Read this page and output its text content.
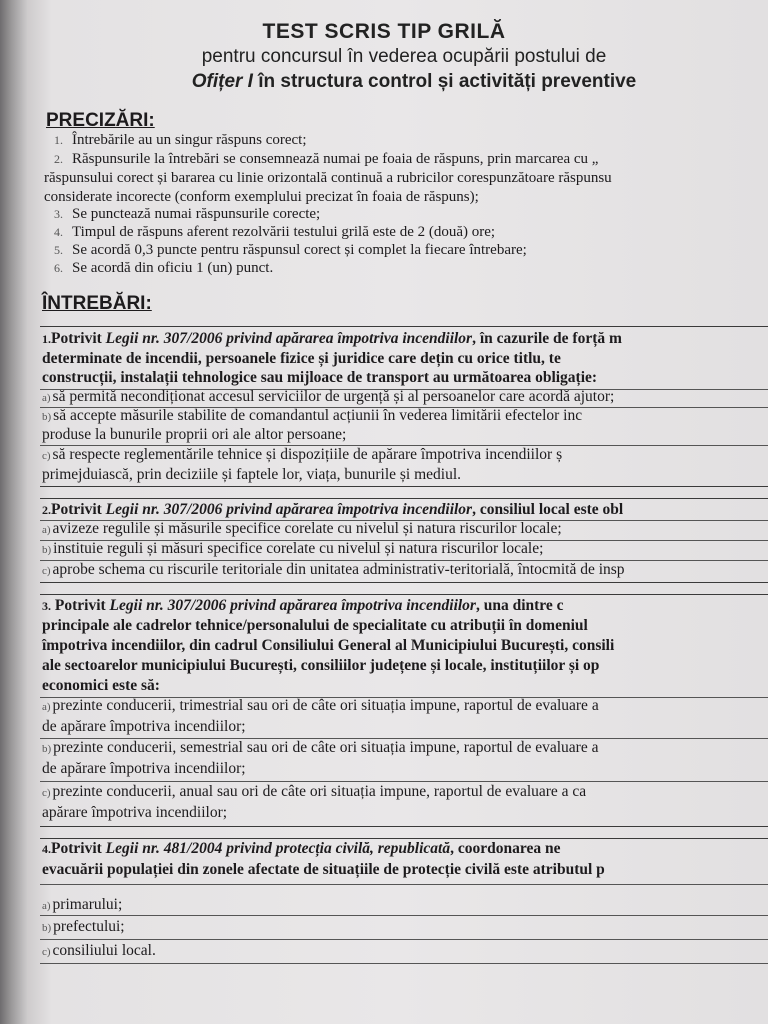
TEST SCRIS TIP GRILĂ
pentru concursul în vederea ocupării postului de
Ofițer I în structura control și activități preventive
PRECIZĂRI:
1. Întrebările au un singur răspuns corect;
2. Răspunsurile la întrebări se consemnează numai pe foaia de răspuns, prin marcarea cu „
răspunsului corect și bararea cu linie orizontală continuă a rubricilor corespunzătoare răspunsu
considerate incorecte (conform exemplului precizat în foaia de răspuns);
3. Se punctează numai răspunsurile corecte;
4. Timpul de răspuns aferent rezolvării testului grilă este de 2 (două) ore;
5. Se acordă 0,3 puncte pentru răspunsul corect și complet la fiecare întrebare;
6. Se acordă din oficiu 1 (un) punct.
ÎNTREBĂRI:
1.Potrivit Legii nr. 307/2006 privind apărarea împotriva incendiilor, în cazurile de forță m
determinate de incendii, persoanele fizice și juridice care dețin cu orice titlu, te
construcții, instalații tehnologice sau mijloace de transport au următoarea obligație:
a) să permită necondiționat accesul serviciilor de urgență și al persoanelor care acordă ajutor;
b) să accepte măsurile stabilite de comandantul acțiunii în vederea limitării efectelor inc
produse la bunurile proprii ori ale altor persoane;
c) să respecte reglementările tehnice și dispozițiile de apărare împotriva incendiilor ș
primejduiască, prin deciziile și faptele lor, viața, bunurile și mediul.
2.Potrivit Legii nr. 307/2006 privind apărarea împotriva incendiilor, consiliul local este obl
a) avizeze regulile și măsurile specifice corelate cu nivelul și natura riscurilor locale;
b) instituie reguli și măsuri specifice corelate cu nivelul și natura riscurilor locale;
c) aprobe schema cu riscurile teritoriale din unitatea administrativ-teritorială, întocmită de insp
3. Potrivit Legii nr. 307/2006 privind apărarea împotriva incendiilor, una dintre c
principale ale cadrelor tehnice/personalului de specialitate cu atribuții în domeniul
împotriva incendiilor, din cadrul Consiliului General al Municipiului București, consili
ale sectoarelor municipiului București, consiliilor județene și locale, instituțiilor și op
economici este să:
a) prezinte conducerii, trimestrial sau ori de câte ori situația impune, raportul de evaluare a
de apărare împotriva incendiilor;
b) prezinte conducerii, semestrial sau ori de câte ori situația impune, raportul de evaluare a
de apărare împotriva incendiilor;
c) prezinte conducerii, anual sau ori de câte ori situația impune, raportul de evaluare a ca
apărare împotriva incendiilor;
4.Potrivit Legii nr. 481/2004 privind protecția civilă, republicată, coordonarea ne
evacuării populației din zonele afectate de situațiile de protecție civilă este atributul p
a) primarului;
b) prefectului;
c) consiliului local.
